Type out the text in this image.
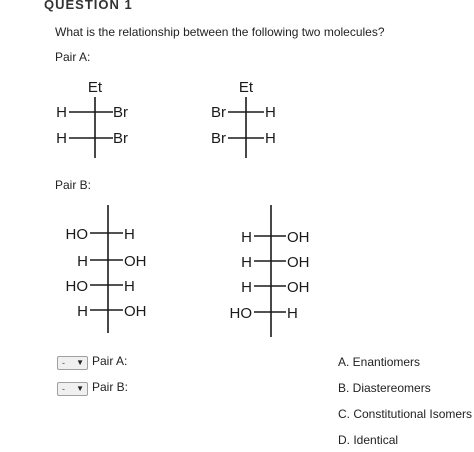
QUESTION 1
What is the relationship between the following two molecules?
Pair A:
Et
H	Br
H	Br
Et
Br	H
Br	H
Pair B:
HO H
H OH
HO H
H OH
H OH
H OH
H OH
HO H
- ▼ Pair A:
- ▼ Pair B:
A. Enantiomers
B. Diastereomers
C. Constitutional Isomers
D. Identical
